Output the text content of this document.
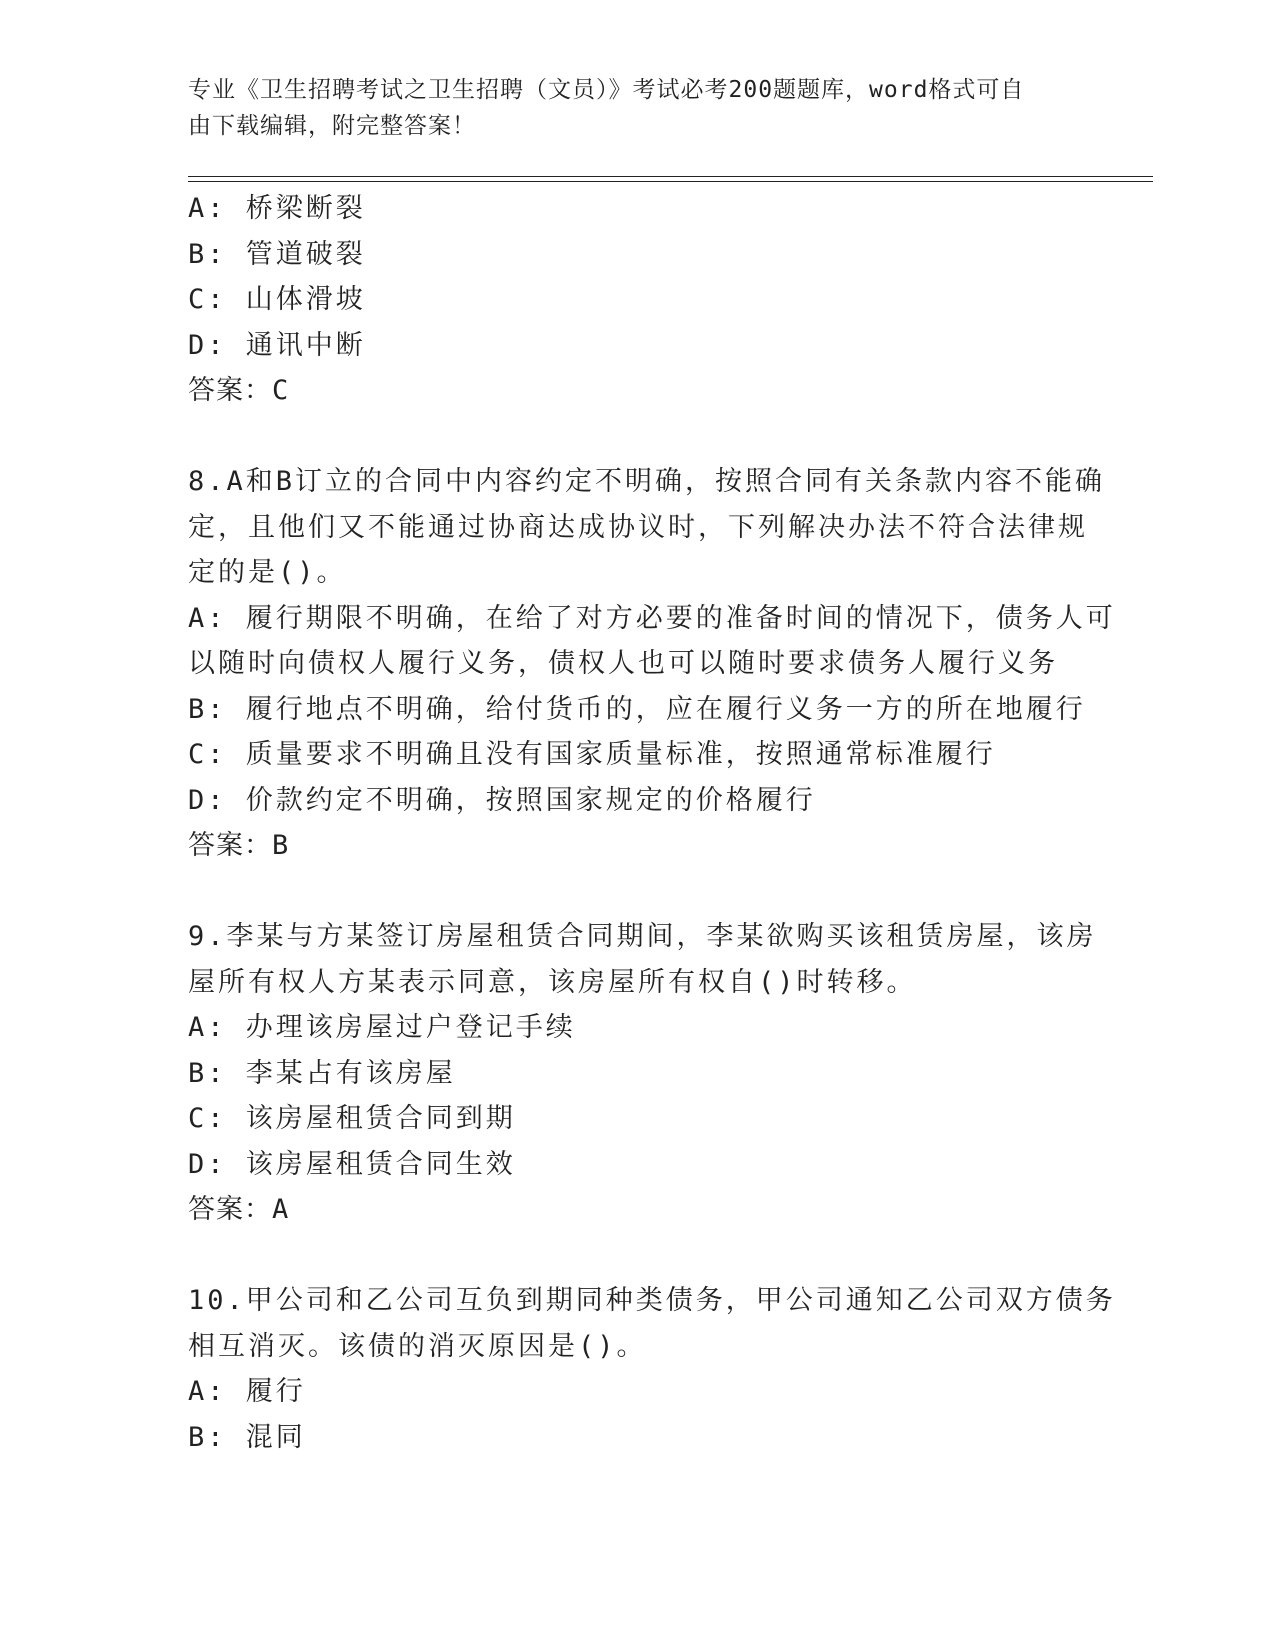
专业《卫生招聘考试之卫生招聘（文员）》考试必考200题题库，word格式可自
由下载编辑，附完整答案！
A: 桥梁断裂
B: 管道破裂
C: 山体滑坡
D: 通讯中断
答案：C
8.A和B订立的合同中内容约定不明确，按照合同有关条款内容不能确
定，且他们又不能通过协商达成协议时，下列解决办法不符合法律规
定的是()。
A: 履行期限不明确，在给了对方必要的准备时间的情况下，债务人可
以随时向债权人履行义务，债权人也可以随时要求债务人履行义务
B: 履行地点不明确，给付货币的，应在履行义务一方的所在地履行
C: 质量要求不明确且没有国家质量标准，按照通常标准履行
D: 价款约定不明确，按照国家规定的价格履行
答案：B
9.李某与方某签订房屋租赁合同期间，李某欲购买该租赁房屋，该房
屋所有权人方某表示同意，该房屋所有权自()时转移。
A: 办理该房屋过户登记手续
B: 李某占有该房屋
C: 该房屋租赁合同到期
D: 该房屋租赁合同生效
答案：A
10.甲公司和乙公司互负到期同种类债务，甲公司通知乙公司双方债务
相互消灭。该债的消灭原因是()。
A: 履行
B: 混同
